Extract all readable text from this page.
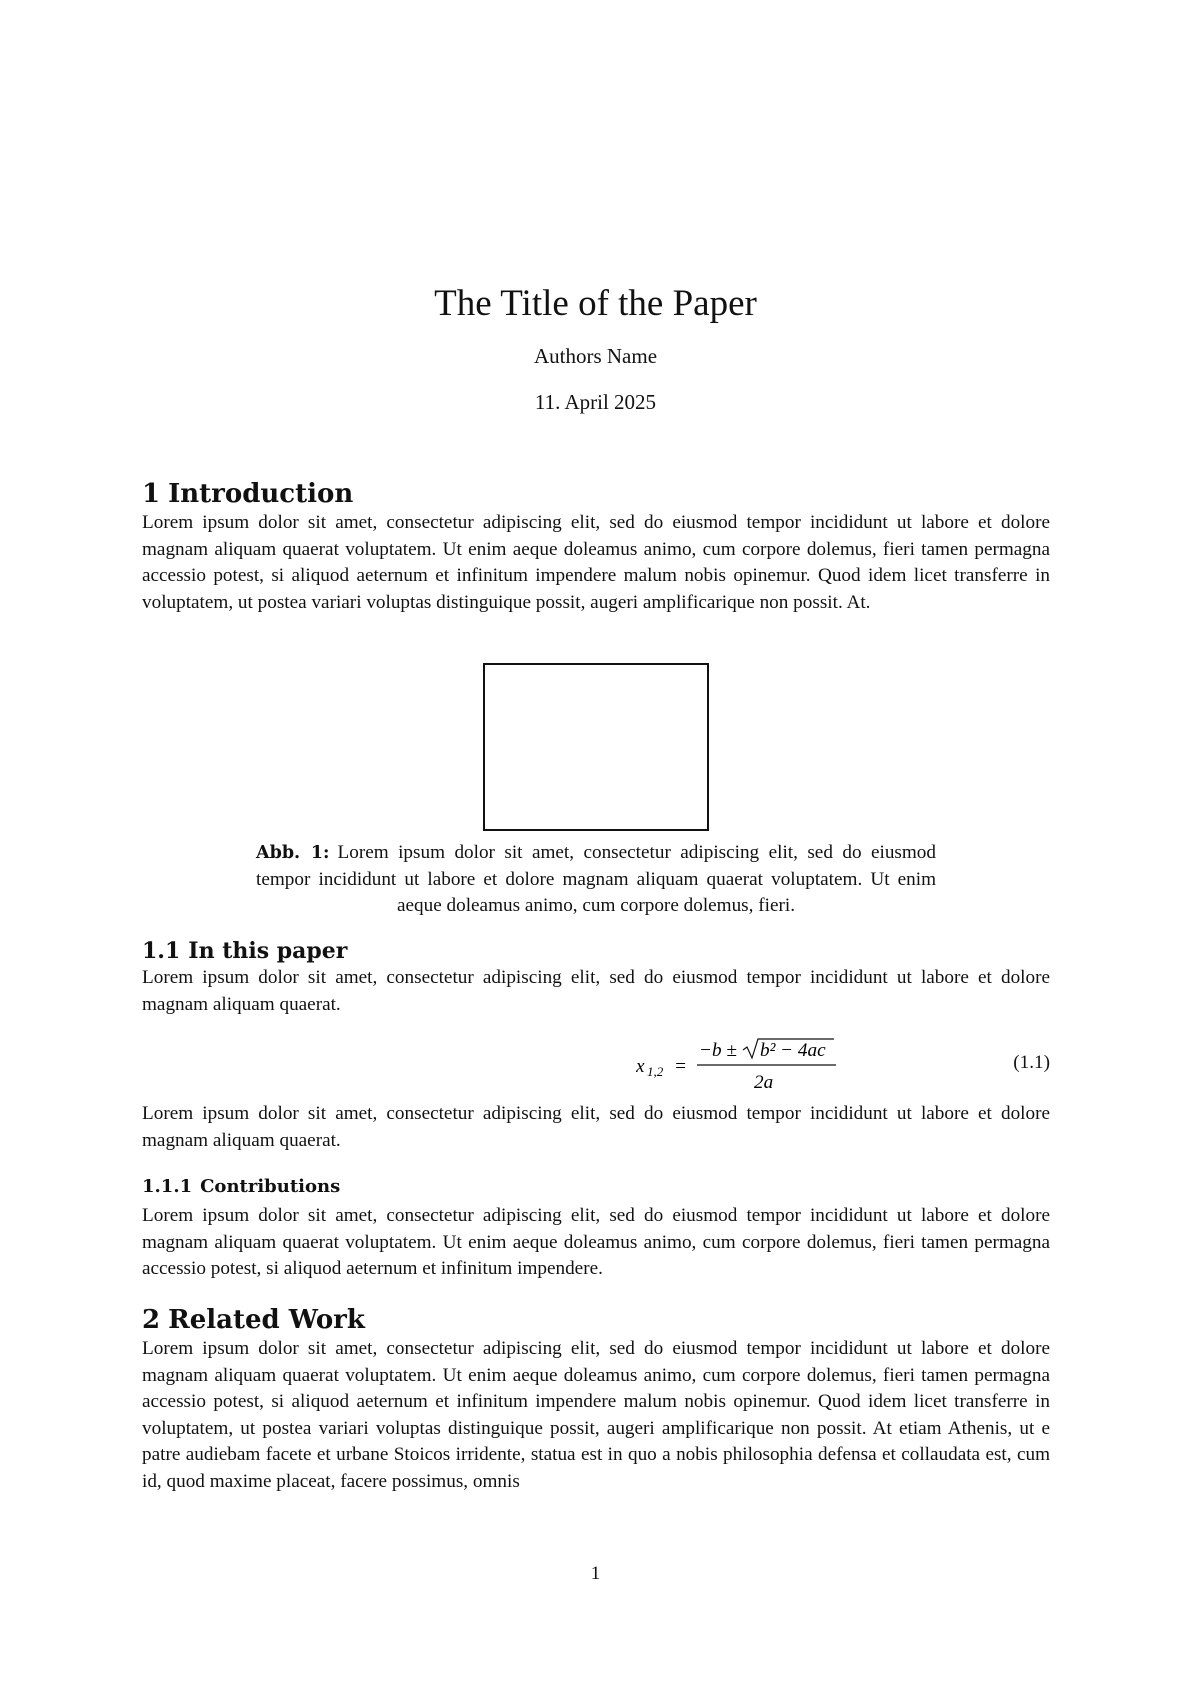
The Title of the Paper
Authors Name
11. April 2025
1 Introduction

Lorem ipsum dolor sit amet, consectetur adipiscing elit, sed do eiusmod tempor incididunt ut labore et dolore magnam aliquam quaerat voluptatem. Ut enim aeque doleamus animo, cum corpore dolemus, fieri tamen permagna accessio potest, si aliquod aeternum et infinitum impendere malum nobis opinemur. Quod idem licet transferre in voluptatem, ut postea variari voluptas distinguique possit, augeri amplificarique non possit. At.

Abb. 1: Lorem ipsum dolor sit amet, consectetur adipiscing elit, sed do eiusmod tempor incididunt ut labore et dolore magnam aliquam quaerat voluptatem. Ut enim aeque doleamus animo, cum corpore dolemus, fieri.
1.1 In this paper

Lorem ipsum dolor sit amet, consectetur adipiscing elit, sed do eiusmod tempor incididunt ut labore et dolore magnam aliquam quaerat.

x 1,2 =
−b ± b² − 4ac
2a
(1.1)

Lorem ipsum dolor sit amet, consectetur adipiscing elit, sed do eiusmod tempor incididunt ut labore et dolore magnam aliquam quaerat.

1.1.1 Contributions

Lorem ipsum dolor sit amet, consectetur adipiscing elit, sed do eiusmod tempor incididunt ut labore et dolore magnam aliquam quaerat voluptatem. Ut enim aeque doleamus animo, cum corpore dolemus, fieri tamen permagna accessio potest, si aliquod aeternum et infinitum impendere.

2 Related Work

Lorem ipsum dolor sit amet, consectetur adipiscing elit, sed do eiusmod tempor incididunt ut labore et dolore magnam aliquam quaerat voluptatem. Ut enim aeque doleamus animo, cum corpore dolemus, fieri tamen permagna accessio potest, si aliquod aeternum et infinitum impendere malum nobis opinemur. Quod idem licet transferre in voluptatem, ut postea variari voluptas distinguique possit, augeri amplificarique non possit. At etiam Athenis, ut e patre audiebam facete et urbane Stoicos irridente, statua est in quo a nobis philosophia defensa et collaudata est, cum id, quod maxime placeat, facere possimus, omnis

1
